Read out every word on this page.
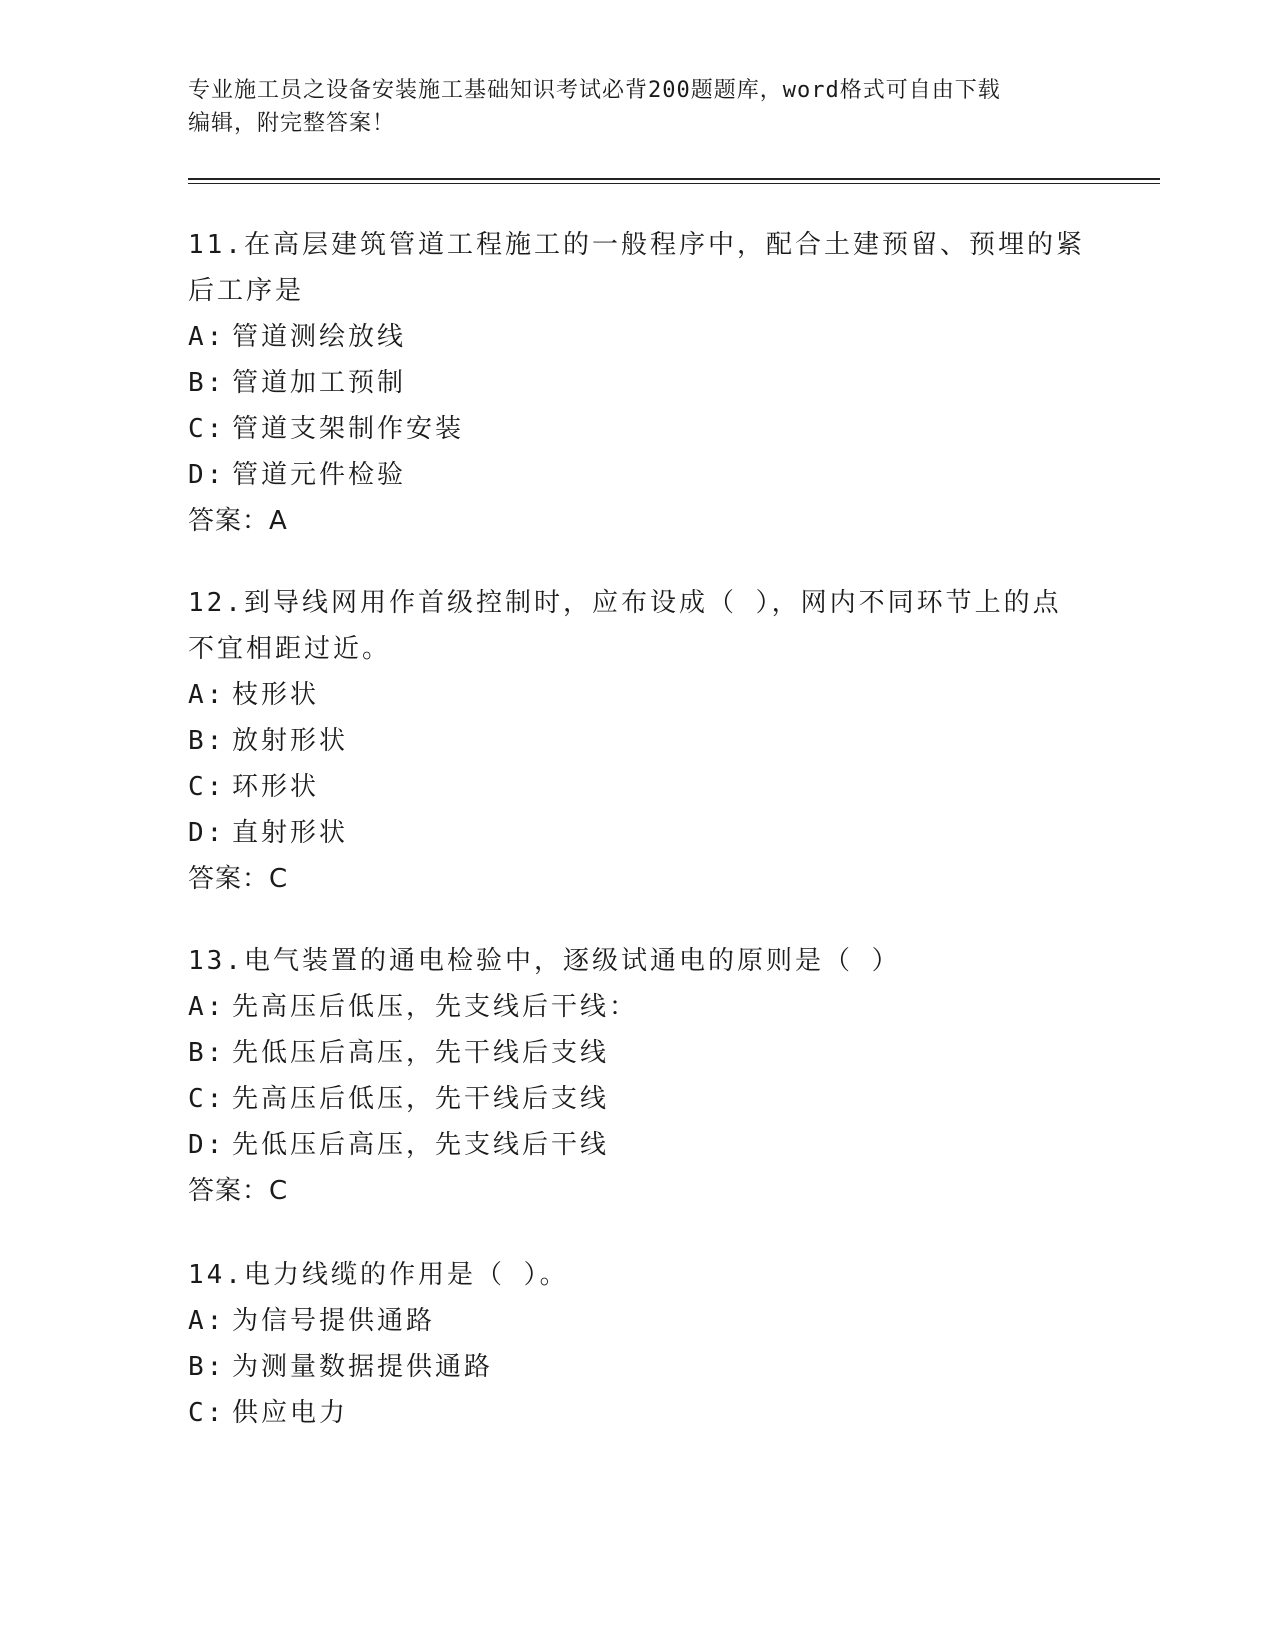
专业施工员之设备安装施工基础知识考试必背200题题库，word格式可自由下载
编辑，附完整答案！
11.在高层建筑管道工程施工的一般程序中，配合土建预留、预埋的紧
后工序是
A: 管道测绘放线
B: 管道加工预制
C: 管道支架制作安装
D: 管道元件检验
答案：A
12.到导线网用作首级控制时，应布设成（ ），网内不同环节上的点
不宜相距过近。
A: 枝形状
B: 放射形状
C: 环形状
D: 直射形状
答案：C
13.电气装置的通电检验中，逐级试通电的原则是（ ）
A: 先高压后低压，先支线后干线：
B: 先低压后高压，先干线后支线
C: 先高压后低压，先干线后支线
D: 先低压后高压，先支线后干线
答案：C
14.电力线缆的作用是（ ）。
A: 为信号提供通路
B: 为测量数据提供通路
C: 供应电力
